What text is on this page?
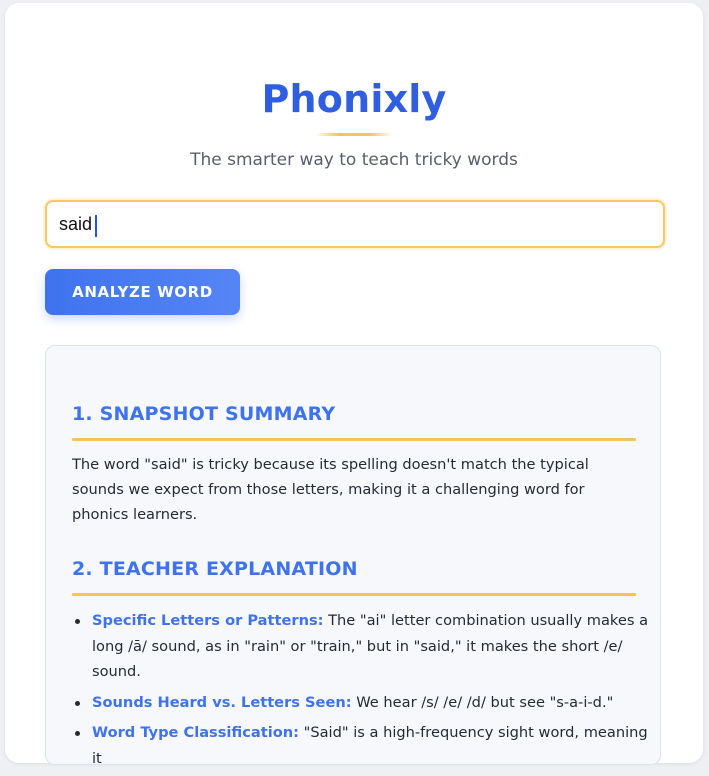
Phonixly
The smarter way to teach tricky words
said
ANALYZE WORD
1. SNAPSHOT SUMMARY

The word "said" is tricky because its spelling doesn't match the typical sounds we expect from those letters, making it a challenging word for phonics learners.

2. TEACHER EXPLANATION
Specific Letters or Patterns: The "ai" letter combination usually makes a long /ā/ sound, as in "rain" or "train," but in "said," it makes the short /e/ sound.
Sounds Heard vs. Letters Seen: We hear /s/ /e/ /d/ but see "s-a-i-d."
Word Type Classification: "Said" is a high-frequency sight word, meaning it
